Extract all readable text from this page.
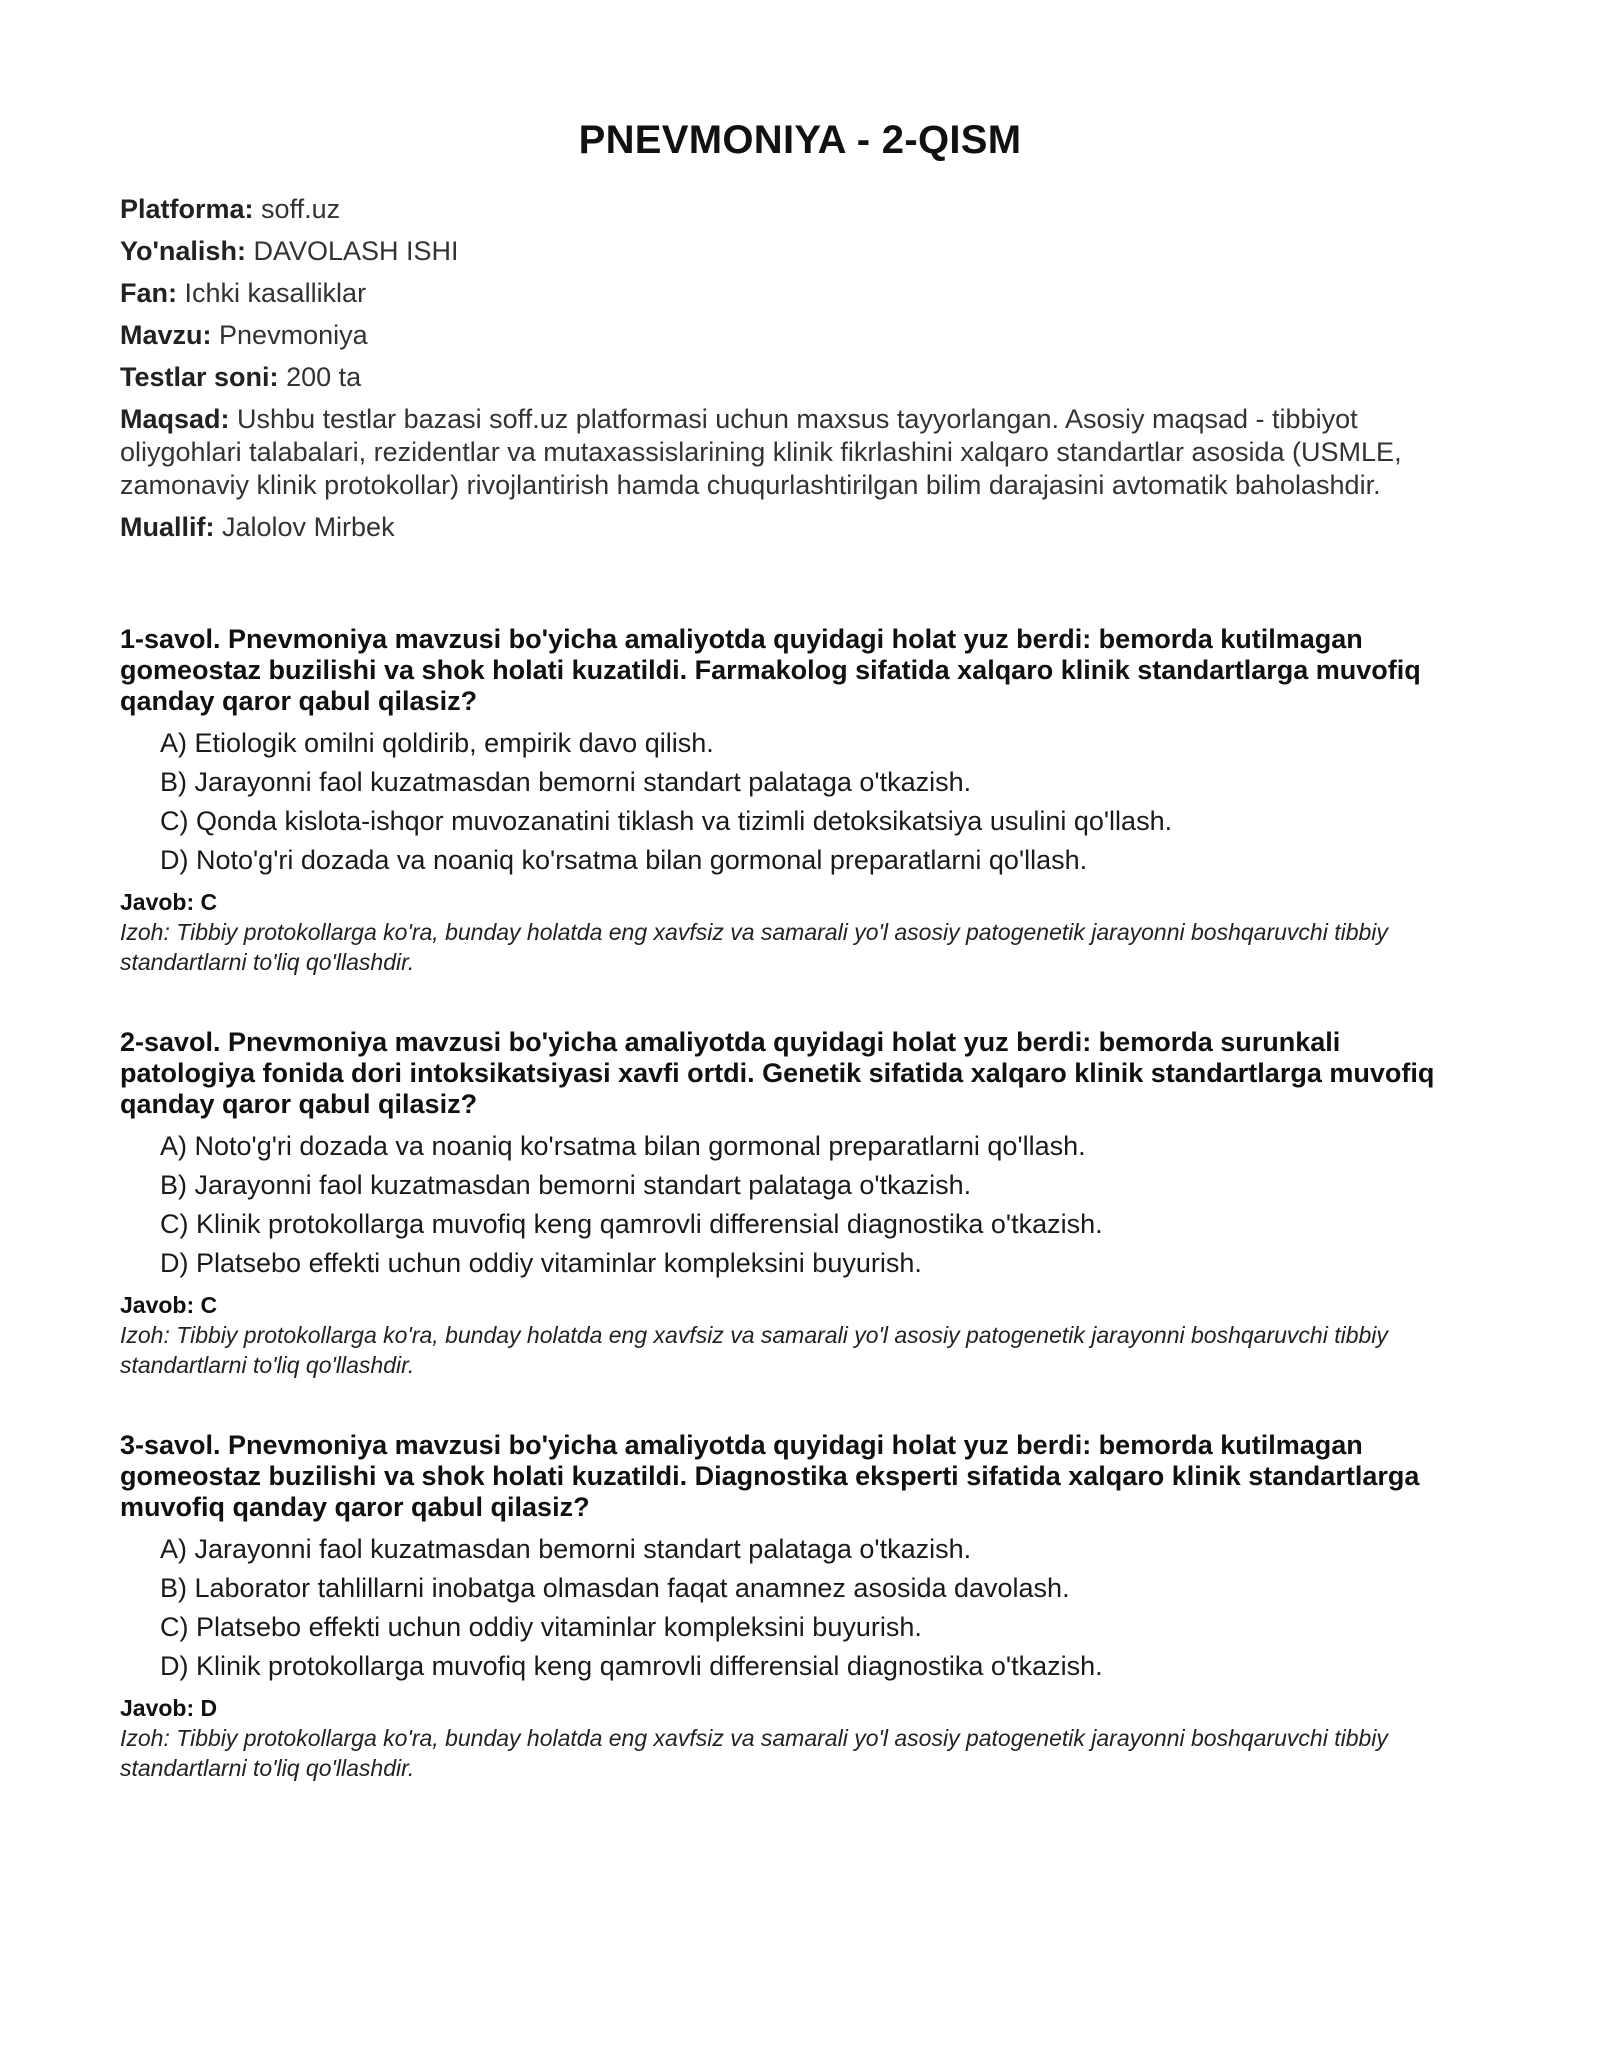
PNEVMONIYA - 2-QISM
Platforma: soff.uz
Yo'nalish: DAVOLASH ISHI
Fan: Ichki kasalliklar
Mavzu: Pnevmoniya
Testlar soni: 200 ta
Maqsad: Ushbu testlar bazasi soff.uz platformasi uchun maxsus tayyorlangan. Asosiy maqsad - tibbiyot oliygohlari talabalari, rezidentlar va mutaxassislarining klinik fikrlashini xalqaro standartlar asosida (USMLE, zamonaviy klinik protokollar) rivojlantirish hamda chuqurlashtirilgan bilim darajasini avtomatik baholashdir.
Muallif: Jalolov Mirbek
1-savol. Pnevmoniya mavzusi bo'yicha amaliyotda quyidagi holat yuz berdi: bemorda kutilmagan gomeostaz buzilishi va shok holati kuzatildi. Farmakolog sifatida xalqaro klinik standartlarga muvofiq qanday qaror qabul qilasiz?
A) Etiologik omilni qoldirib, empirik davo qilish.
B) Jarayonni faol kuzatmasdan bemorni standart palataga o'tkazish.
C) Qonda kislota-ishqor muvozanatini tiklash va tizimli detoksikatsiya usulini qo'llash.
D) Noto'g'ri dozada va noaniq ko'rsatma bilan gormonal preparatlarni qo'llash.
Javob: C
Izoh: Tibbiy protokollarga ko'ra, bunday holatda eng xavfsiz va samarali yo'l asosiy patogenetik jarayonni boshqaruvchi tibbiy standartlarni to'liq qo'llashdir.
2-savol. Pnevmoniya mavzusi bo'yicha amaliyotda quyidagi holat yuz berdi: bemorda surunkali patologiya fonida dori intoksikatsiyasi xavfi ortdi. Genetik sifatida xalqaro klinik standartlarga muvofiq qanday qaror qabul qilasiz?
A) Noto'g'ri dozada va noaniq ko'rsatma bilan gormonal preparatlarni qo'llash.
B) Jarayonni faol kuzatmasdan bemorni standart palataga o'tkazish.
C) Klinik protokollarga muvofiq keng qamrovli differensial diagnostika o'tkazish.
D) Platsebo effekti uchun oddiy vitaminlar kompleksini buyurish.
Javob: C
Izoh: Tibbiy protokollarga ko'ra, bunday holatda eng xavfsiz va samarali yo'l asosiy patogenetik jarayonni boshqaruvchi tibbiy standartlarni to'liq qo'llashdir.
3-savol. Pnevmoniya mavzusi bo'yicha amaliyotda quyidagi holat yuz berdi: bemorda kutilmagan gomeostaz buzilishi va shok holati kuzatildi. Diagnostika eksperti sifatida xalqaro klinik standartlarga muvofiq qanday qaror qabul qilasiz?
A) Jarayonni faol kuzatmasdan bemorni standart palataga o'tkazish.
B) Laborator tahlillarni inobatga olmasdan faqat anamnez asosida davolash.
C) Platsebo effekti uchun oddiy vitaminlar kompleksini buyurish.
D) Klinik protokollarga muvofiq keng qamrovli differensial diagnostika o'tkazish.
Javob: D
Izoh: Tibbiy protokollarga ko'ra, bunday holatda eng xavfsiz va samarali yo'l asosiy patogenetik jarayonni boshqaruvchi tibbiy standartlarni to'liq qo'llashdir.
